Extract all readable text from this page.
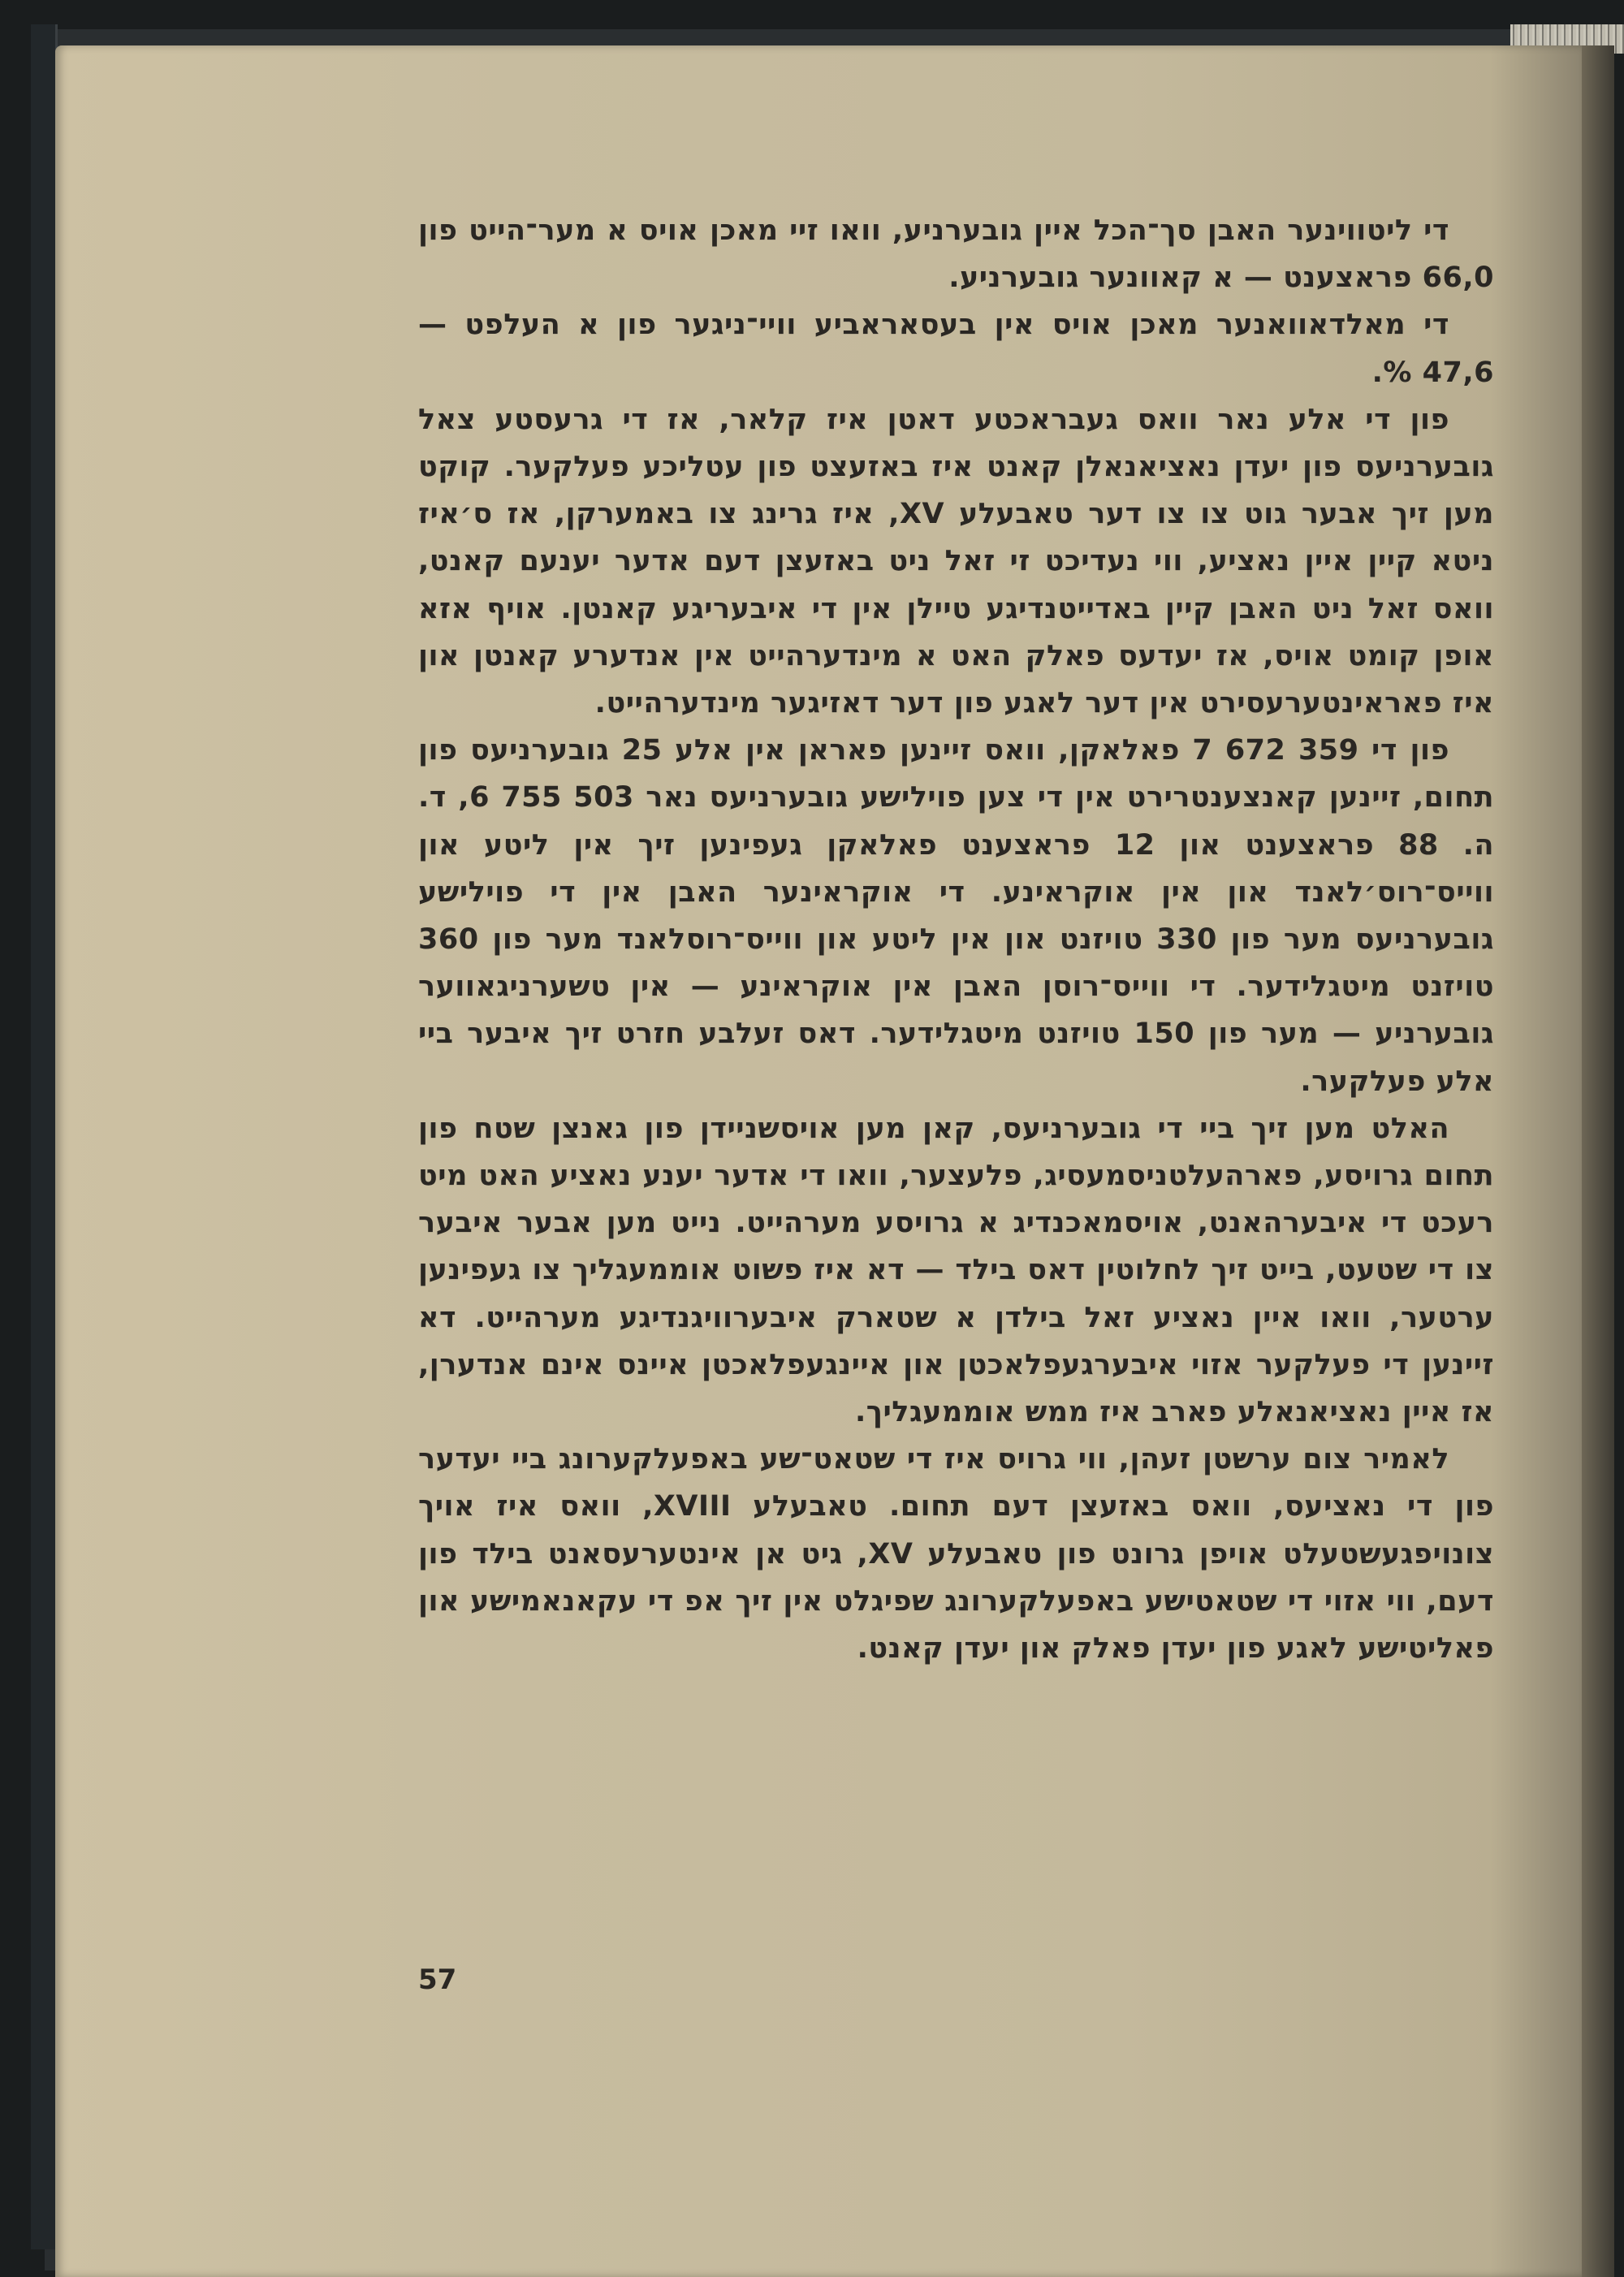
די ליטווינער האבן סך־הכל איין גובערניע, וואו זיי מאכן אויס א מער־הייט פון 66,0 פראצענט — א קאוונער גובערניע.

די מאלדאוואנער מאכן אויס אין בעסאראביע וויי־ניגער פון א העלפט — 47,6 %.

פון די אלע נאר וואס געבראכטע דאטן איז קלאר, אז די גרעסטע צאל גובערניעס פון יעדן נאציאנאלן קאנט איז באזעצט פון עטליכע פעלקער. קוקט מען זיך אבער גוט צו צו דער טאבעלע XV, איז גרינג צו באמערקן, אז ס׳איז ניטא קיין איין נאציע, ווי נעדיכט זי זאל ניט באזעצן דעם אדער יענעם קאנט, וואס זאל ניט האבן קיין באדייטנדיגע טיילן אין די איבעריגע קאנטן. אויף אזא אופן קומט אויס, אז יעדעס פאלק האט א מינדערהייט אין אנדערע קאנטן און איז פאראינטערעסירט אין דער לאגע פון דער דאזיגער מינדערהייט.

פון די 359 672 7 פאלאקן, וואס זיינען פאראן אין אלע 25 גובערניעס פון תחום, זיינען קאנצענטרירט אין די צען פוילישע גובערניעס נאר 503 755 6, ד. ה. 88 פראצענט און 12 פראצענט פאלאקן געפינען זיך אין ליטע און ווייס־רוס׳לאנד און אין אוקראינע. די אוקראינער האבן אין די פוילישע גובערניעס מער פון 330 טויזנט און אין ליטע און ווייס־רוסלאנד מער פון 360 טויזנט מיטגלידער. די ווייס־רוסן האבן אין אוקראינע — אין טשערניגאווער גובערניע — מער פון 150 טויזנט מיטגלידער. דאס זעלבע חזרט זיך איבער ביי אלע פעלקער.

האלט מען זיך ביי די גובערניעס, קאן מען אויסשניידן פון גאנצן שטח פון תחום גרויסע, פארהעלטניסמעסיג, פלעצער, וואו די אדער יענע נאציע האט מיט רעכט די איבערהאנט, אויסמאכנדיג א גרויסע מערהייט. נייט מען אבער איבער צו די שטעט, בייט זיך לחלוטין דאס בילד — דא איז פשוט אוממעגליך צו געפינען ערטער, וואו איין נאציע זאל בילדן א שטארק איבערוויגנדיגע מערהייט. דא זיינען די פעלקער אזוי איבערגעפלאכטן און איינגעפלאכטן איינס אינם אנדערן, אז איין נאציאנאלע פארב איז ממש אוממעגליך.

לאמיר צום ערשטן זעהן, ווי גרויס איז די שטאט־שע באפעלקערונג ביי יעדער פון די נאציעס, וואס באזעצן דעם תחום. טאבעלע XVIII, וואס איז אויך צונויפגעשטעלט אויפן גרונט פון טאבעלע XV, גיט אן אינטערעסאנט בילד פון דעם, ווי אזוי די שטאטישע באפעלקערונג שפיגלט אין זיך אפ די עקאנאמישע און פאליטישע לאגע פון יעדן פאלק און יעדן קאנט.

57
